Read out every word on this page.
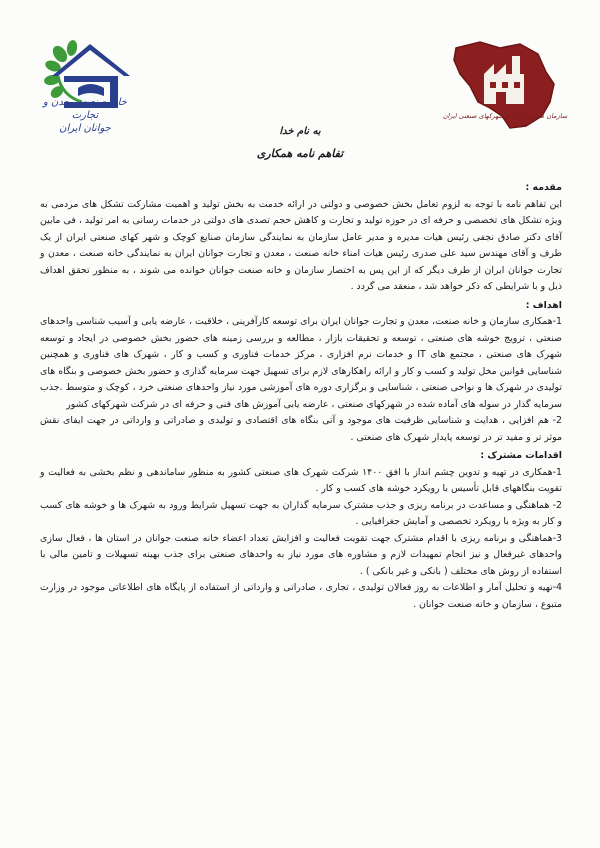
خانه صنعت، معدن و تجارت
جوانان ایران
سازمان صنایع کوچک و شهرکهای صنعتی ایران
به نام خدا
تفاهم نامه همکاری

مقدمه :

این تفاهم نامه با توجه به لزوم تعامل بخش خصوصی و دولتی در ارائه خدمت به بخش تولید و اهمیت مشارکت تشکل های مردمی به ویژه تشکل های تخصصی و حرفه ای در حوزه تولید و تجارت و کاهش حجم تصدی های دولتی در خدمات رسانی به امر تولید ، فی مابین آقای دکتر صادق نجفی رئیس هیات مدیره و مدیر عامل سازمان به نمایندگی سازمان صنایع کوچک و شهر کهای صنعتی ایران از یک طرف و آقای مهندس سید علی صدری رئیس هیات امناء خانه صنعت ، معدن و تجارت جوانان ایران به نمایندگی خانه صنعت ، معدن و تجارت جوانان ایران از طرف دیگر که از این پس به اختصار سازمان و خانه صنعت جوانان خوانده می شوند ، به منظور تحقق اهداف ذیل و با شرایطی که ذکر خواهد شد ، منعقد می گردد .

اهداف :

1-همکاری سازمان و خانه صنعت، معدن و تجارت جوانان ایران برای توسعه کارآفرینی ، خلاقیت ، عارضه یابی و آسیب شناسی واحدهای صنعتی ، ترویج خوشه های صنعتی ، توسعه و تحقیقات بازار ، مطالعه و بررسی زمینه های حضور بخش خصوصی در ایجاد و توسعه شهرک های صنعتی ، مجتمع های IT و خدمات نرم افزاری ، مرکز خدمات فناوری و کسب و کار ، شهرک های فناوری و همچنین شناسایی قوانین مخل تولید و کسب و کار و ارائه راهکارهای لازم برای تسهیل جهت سرمایه گذاری و حضور بخش خصوصی و بنگاه های تولیدی در شهرک ها و نواحی صنعتی ، شناسایی و برگزاری دوره های آموزشی مورد نیاز واحدهای صنعتی خرد ، کوچک و متوسط .جذب سرمایه گذار در سوله های آماده شده در شهرکهای صنعتی ، عارضه یابی آموزش های فنی و حرفه ای در شرکت شهرکهای کشور

2- هم افزایی ، هدایت و شناسایی ظرفیت های موجود و آتی بنگاه های اقتصادی و تولیدی و صادراتی و وارداتی در جهت ایفای نقش موثر تر و مفید تر در توسعه پایدار شهرک های صنعتی .

اقدامات مشترک :

1-همکاری در تهیه و تدوین چشم انداز با افق ۱۴۰۰ شرکت شهرک های صنعتی کشور به منظور ساماندهی و نظم بخشی به فعالیت و تقویت بنگاههای قابل تأسیس با رویکرد خوشه های کسب و کار .

2- هماهنگی و مساعدت در برنامه ریزی و جذب مشترک سرمایه گذاران به جهت تسهیل شرایط ورود به شهرک ها و خوشه های کسب و کار به ویژه با رویکرد تخصصی و آمایش جغرافیایی .

3-هماهنگی و برنامه ریزی با اقدام مشترک جهت تقویت فعالیت و افزایش تعداد اعضاء خانه صنعت جوانان در استان ها ، فعال سازی واحدهای غیرفعال و نیز انجام تمهیدات لازم و مشاوره های مورد نیاز به واحدهای صنعتی برای جذب بهینه تسهیلات و تامین مالی با استفاده از روش های مختلف ( بانکی و غیر بانکی ) .

4-تهیه و تحلیل آمار و اطلاعات به روز فعالان تولیدی ، تجاری ، صادراتی و وارداتی از استفاده از پایگاه های اطلاعاتی موجود در وزارت متبوع ، سازمان و خانه صنعت جوانان .
